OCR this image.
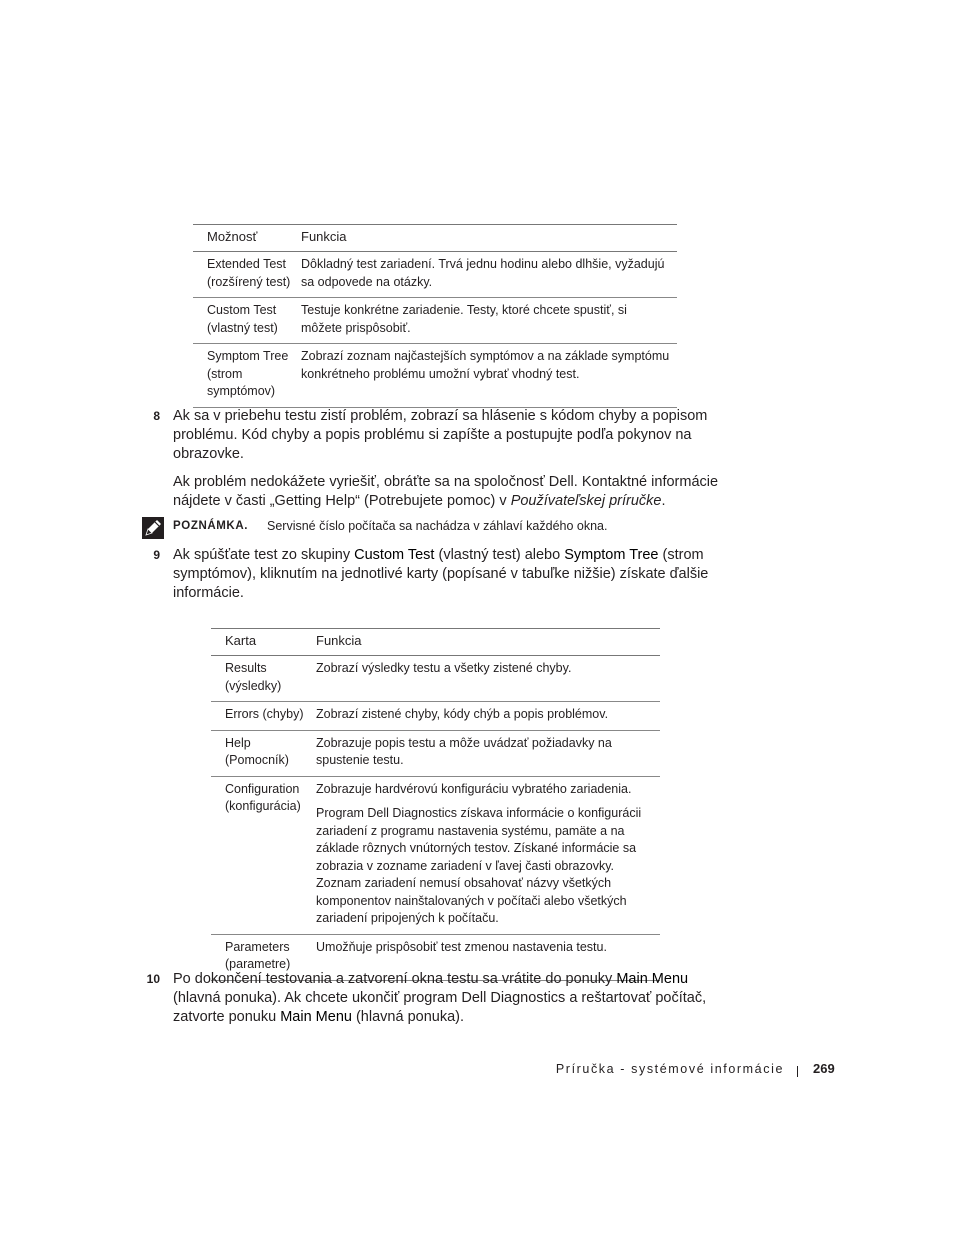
Možnosť	Funkcia
Extended Test (rozšírený test)	Dôkladný test zariadení. Trvá jednu hodinu alebo dlhšie, vyžadujú sa odpovede na otázky.
Custom Test (vlastný test)	Testuje konkrétne zariadenie. Testy, ktoré chcete spustiť, si môžete prispôsobiť.
Symptom Tree (strom symptómov)	Zobrazí zoznam najčastejších symptómov a na základe symptómu konkrétneho problému umožní vybrať vhodný test.
8 Ak sa v priebehu testu zistí problém, zobrazí sa hlásenie s kódom chyby a popisom problému. Kód chyby a popis problému si zapíšte a postupujte podľa pokynov na obrazovke.
Ak problém nedokážete vyriešiť, obráťte sa na spoločnosť Dell. Kontaktné informácie nájdete v časti „Getting Help“ (Potrebujete pomoc) v Používateľskej príručke.
POZNÁMKA. Servisné číslo počítača sa nachádza v záhlaví každého okna.
9 Ak spúšťate test zo skupiny Custom Test (vlastný test) alebo Symptom Tree (strom symptómov), kliknutím na jednotlivé karty (popísané v tabuľke nižšie) získate ďalšie informácie.
Karta	Funkcia
Results (výsledky)	Zobrazí výsledky testu a všetky zistené chyby.
Errors (chyby)	Zobrazí zistené chyby, kódy chýb a popis problémov.
Help (Pomocník)	Zobrazuje popis testu a môže uvádzať požiadavky na spustenie testu.
Configuration (konfigurácia)	Zobrazuje hardvérovú konfiguráciu vybratého zariadenia.
Program Dell Diagnostics získava informácie o konfigurácii zariadení z programu nastavenia systému, pamäte a na základe rôznych vnútorných testov. Získané informácie sa zobrazia v zozname zariadení v ľavej časti obrazovky. Zoznam zariadení nemusí obsahovať názvy všetkých komponentov nainštalovaných v počítači alebo všetkých zariadení pripojených k počítaču.

Parameters (parametre)	Umožňuje prispôsobiť test zmenou nastavenia testu.
10 Po dokončení testovania a zatvorení okna testu sa vrátite do ponuky Main Menu (hlavná ponuka). Ak chcete ukončiť program Dell Diagnostics a reštartovať počítač, zatvorte ponuku Main Menu (hlavná ponuka).
Príručka - systémové informácie 269
